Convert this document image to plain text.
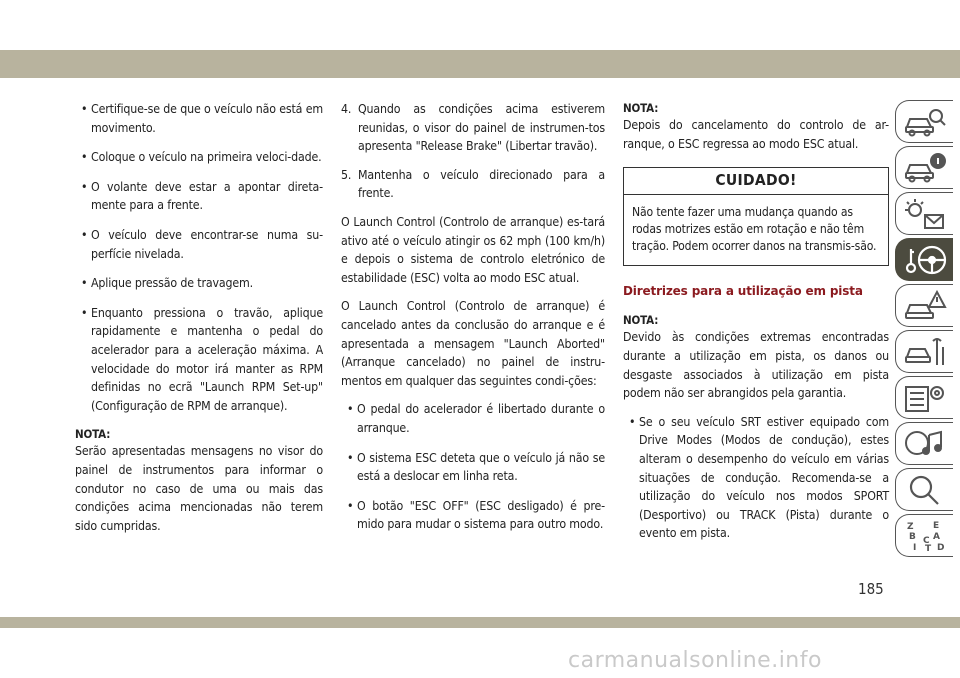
• Certifique-se de que o veículo não está em movimento.
• Coloque o veículo na primeira veloci-dade.
• O volante deve estar a apontar direta-mente para a frente.
• O veículo deve encontrar-se numa su-perfície nivelada.
• Aplique pressão de travagem.
• Enquanto pressiona o travão, aplique rapidamente e mantenha o pedal do acelerador para a aceleração máxima. A velocidade do motor irá manter as RPM definidas no ecrã "Launch RPM Set-up" (Configuração de RPM de arranque).
NOTA:
Serão apresentadas mensagens no visor do painel de instrumentos para informar o condutor no caso de uma ou mais das condições acima mencionadas não terem sido cumpridas.
4. Quando as condições acima estiverem reunidas, o visor do painel de instrumen-tos apresenta "Release Brake" (Libertar travão).
5. Mantenha o veículo direcionado para a frente.
O Launch Control (Controlo de arranque) es-tará ativo até o veículo atingir os 62 mph (100 km/h) e depois o sistema de controlo eletrónico de estabilidade (ESC) volta ao modo ESC atual.
O Launch Control (Controlo de arranque) é cancelado antes da conclusão do arranque e é apresentada a mensagem "Launch Aborted" (Arranque cancelado) no painel de instru-mentos em qualquer das seguintes condi-ções:
• O pedal do acelerador é libertado durante o arranque.
• O sistema ESC deteta que o veículo já não se está a deslocar em linha reta.
• O botão "ESC OFF" (ESC desligado) é pre-mido para mudar o sistema para outro modo.
NOTA:
Depois do cancelamento do controlo de ar-ranque, o ESC regressa ao modo ESC atual.
CUIDADO!
Não tente fazer uma mudança quando as rodas motrizes estão em rotação e não têm tração. Podem ocorrer danos na transmis-são.
Diretrizes para a utilização em pista
NOTA:
Devido às condições extremas encontradas durante a utilização em pista, os danos ou desgaste associados à utilização em pista podem não ser abrangidos pela garantia.
• Se o seu veículo SRT estiver equipado com Drive Modes (Modos de condução), estes alteram o desempenho do veículo em várias situações de condução. Recomenda-se a utilização do veículo nos modos SPORT (Desportivo) ou TRACK (Pista) durante o evento em pista.	Z E
B A
C
I T D
185
carmanualsonline.info
